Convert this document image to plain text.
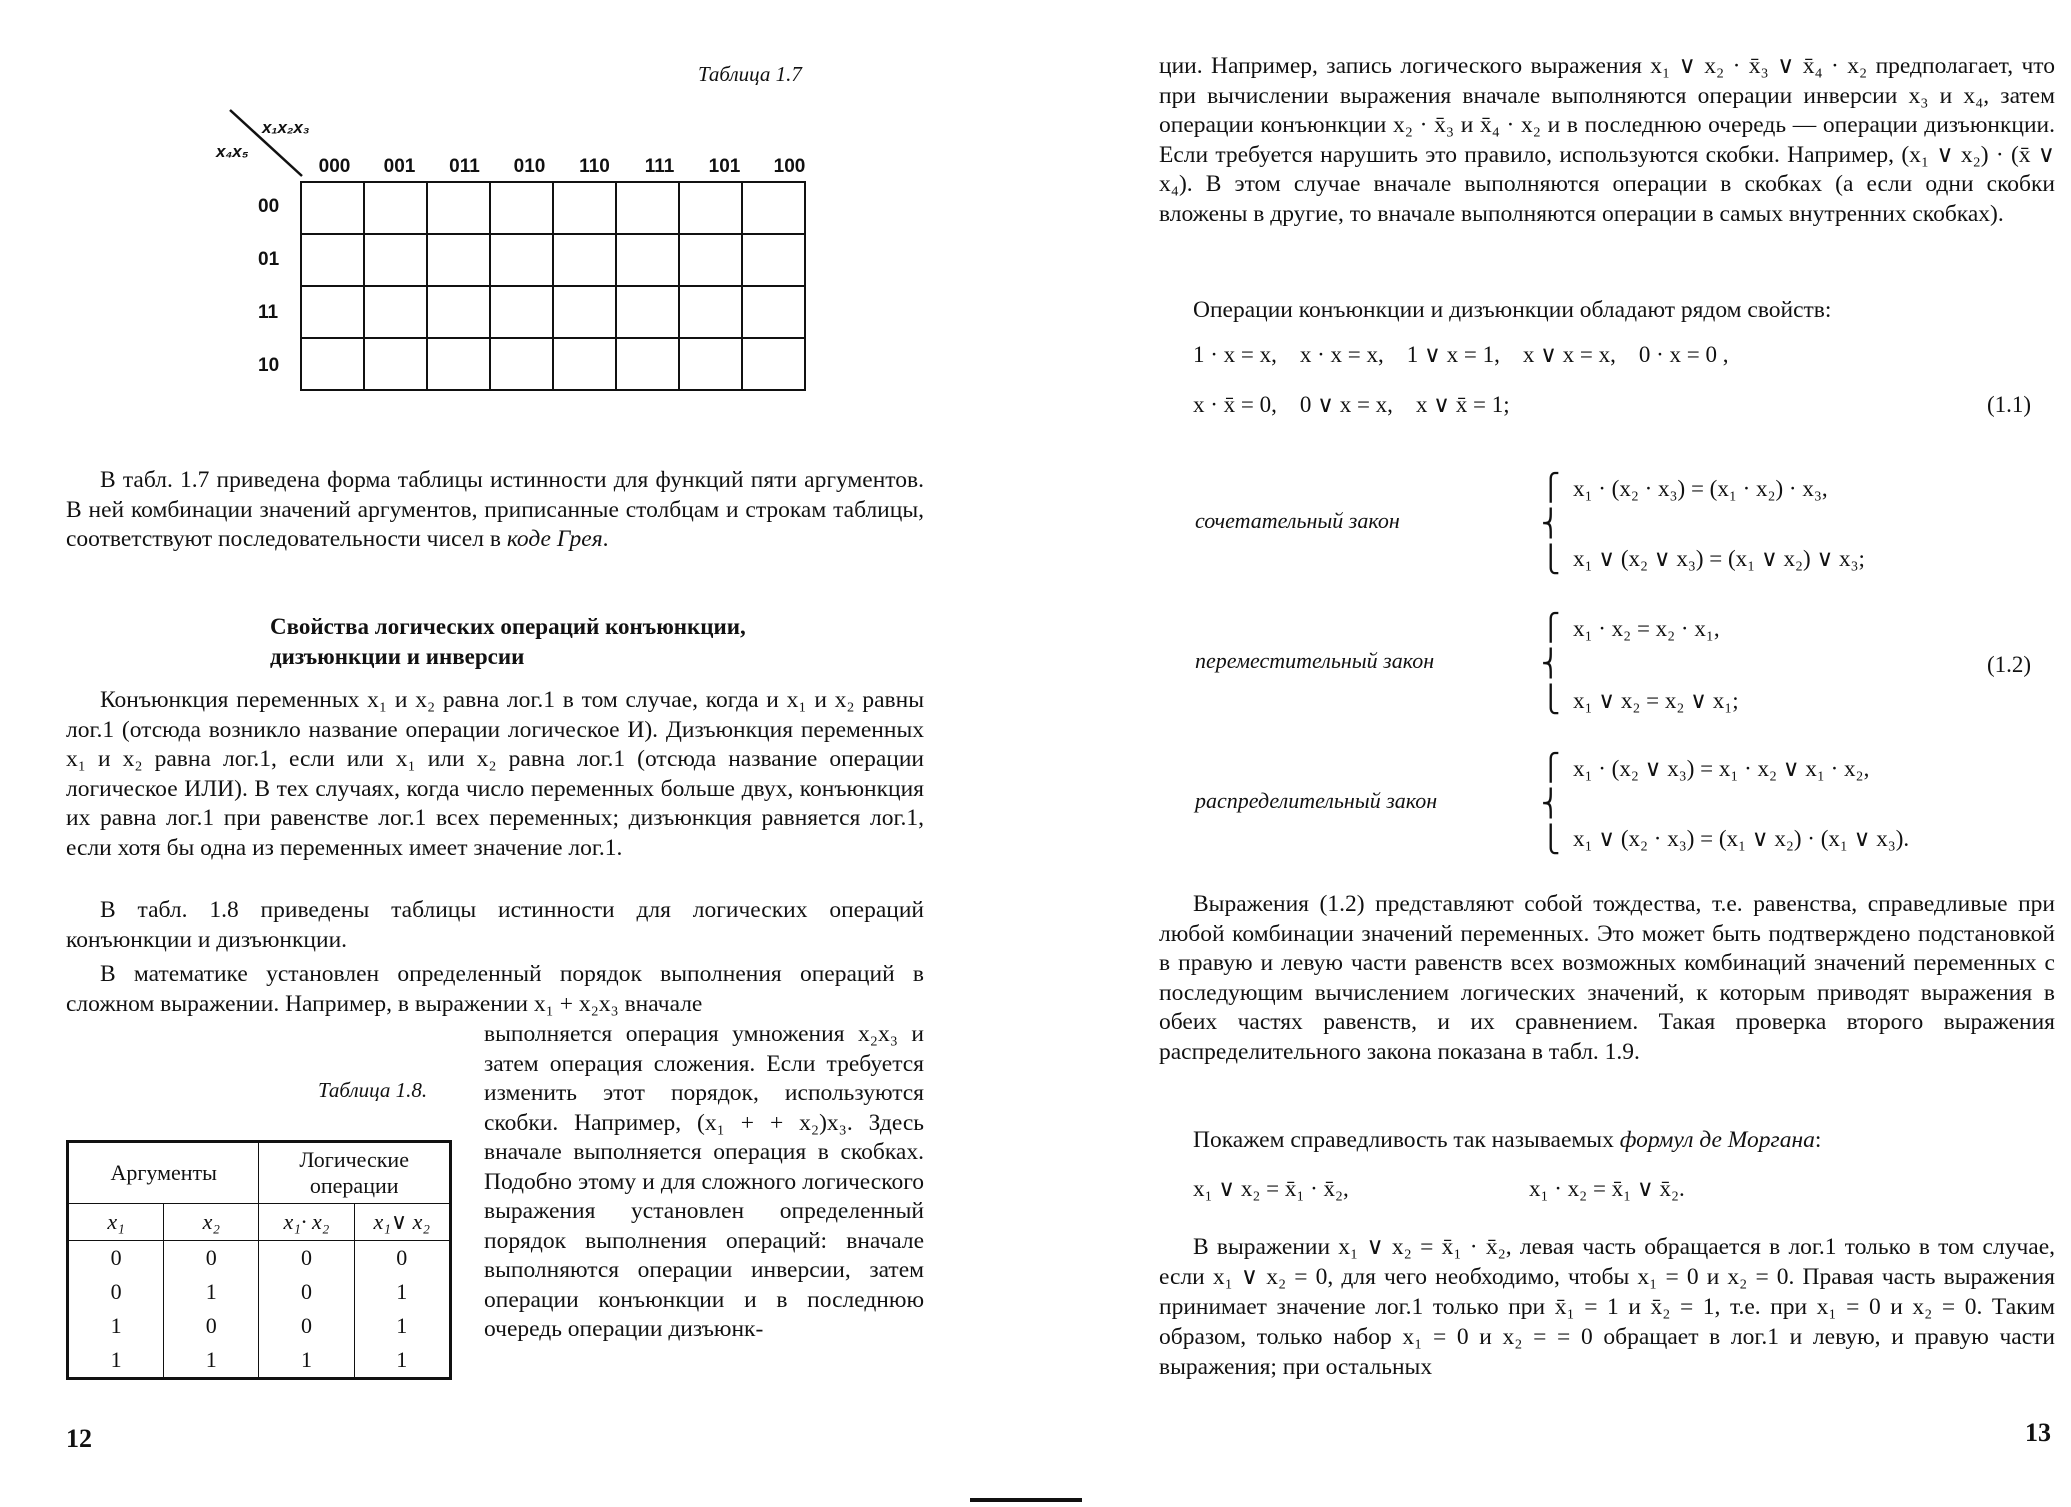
Таблица 1.7
x₁x₂x₃
x₄x₅
000	001	011	010	110	111	101	100
00
01
11
10

В табл. 1.7 приведена форма таблицы истинности для функций пяти аргументов. В ней комбинации значений аргументов, приписанные столбцам и строкам таблицы, соответствуют последовательности чисел в коде Грея.
Свойства логических операций конъюнкции,
дизъюнкции и инверсии
Конъюнкция переменных x₁ и x₂ равна лог.1 в том случае, когда и x₁ и x₂ равны лог.1 (отсюда возникло название операции логическое И). Дизъюнкция переменных x₁ и x₂ равна лог.1, если или x₁ или x₂ равна лог.1 (отсюда название операции логическое ИЛИ). В тех случаях, когда число переменных больше двух, конъюнкция их равна лог.1 при равенстве лог.1 всех переменных; дизъюнкция равняется лог.1, если хотя бы одна из переменных имеет значение лог.1.
В табл. 1.8 приведены таблицы истинности для логических операций конъюнкции и дизъюнкции.
В математике установлен определенный порядок выполнения операций в сложном выражении. Например, в выражении x₁ + x₂x₃ вначале
выполняется операция умножения x₂x₃ и затем операция сложения. Если требуется изменить этот порядок, используются скобки. Например, (x₁ + + x₂)x₃. Здесь вначале выполняется операция в скобках. Подобно этому и для сложного логического выражения установлен определенный порядок выполнения операций: вначале выполняются операции инверсии, затем операции конъюнкции и в последнюю очередь операции дизъюнк-
Таблица 1.8.
Аргументы		Логические операции	
x₁	x₂	x₁· x₂	x₁∨ x₂
0	0	0	0
0	1	0	1
1	0	0	1
1	1	1	1
12
ции. Например, запись логического выражения x₁ ∨ x₂ · x̄₃ ∨ x̄₄ · x₂ предполагает, что при вычислении выражения вначале выполняются операции инверсии x₃ и x₄, затем операции конъюнкции x₂ · x̄₃ и x̄₄ · x₂ и в последнюю очередь — операции дизъюнкции. Если требуется нарушить это правило, используются скобки. Например, (x₁ ∨ x₂) · (x̄ ∨ x₄). В этом случае вначале выполняются операции в скобках (а если одни скобки вложены в другие, то вначале выполняются операции в самых внутренних скобках).
Операции конъюнкции и дизъюнкции обладают рядом свойств:
1 · x = x,    x · x = x,    1 ∨ x = 1,    x ∨ x = x,    0 · x = 0 ,
x · x̄ = 0,    0 ∨ x = x,    x ∨ x̄ = 1;	(1.1)
сочетательный закон
⎧
⎨
⎩
x₁ · (x₂ · x₃) = (x₁ · x₂) · x₃,
x₁ ∨ (x₂ ∨ x₃) = (x₁ ∨ x₂) ∨ x₃;
переместительный закон
⎧
⎨
⎩
x₁ · x₂ = x₂ · x₁,
x₁ ∨ x₂ = x₂ ∨ x₁;
(1.2)
распределительный закон
⎧
⎨
⎩
x₁ · (x₂ ∨ x₃) = x₁ · x₂ ∨ x₁ · x₂,
x₁ ∨ (x₂ · x₃) = (x₁ ∨ x₂) · (x₁ ∨ x₃).
Выражения (1.2) представляют собой тождества, т.е. равенства, справедливые при любой комбинации значений переменных. Это может быть подтверждено подстановкой в правую и левую части равенств всех возможных комбинаций значений переменных с последующим вычислением логических значений, к которым приводят выражения в обеих частях равенств, и их сравнением. Такая проверка второго выражения распределительного закона показана в табл. 1.9.
Покажем справедливость так называемых формул де Моргана:
x₁ ∨ x₂ = x̄₁ · x̄₂,	x₁ · x₂ = x̄₁ ∨ x̄₂.
В выражении x₁ ∨ x₂ = x̄₁ · x̄₂, левая часть обращается в лог.1 только в том случае, если x₁ ∨ x₂ = 0, для чего необходимо, чтобы x₁ = 0 и x₂ = 0. Правая часть выражения принимает значение лог.1 только при x̄₁ = 1 и x̄₂ = 1, т.е. при x₁ = 0 и x₂ = 0. Таким образом, только набор x₁ = 0 и x₂ = = 0 обращает в лог.1 и левую, и правую части выражения; при остальных
13
